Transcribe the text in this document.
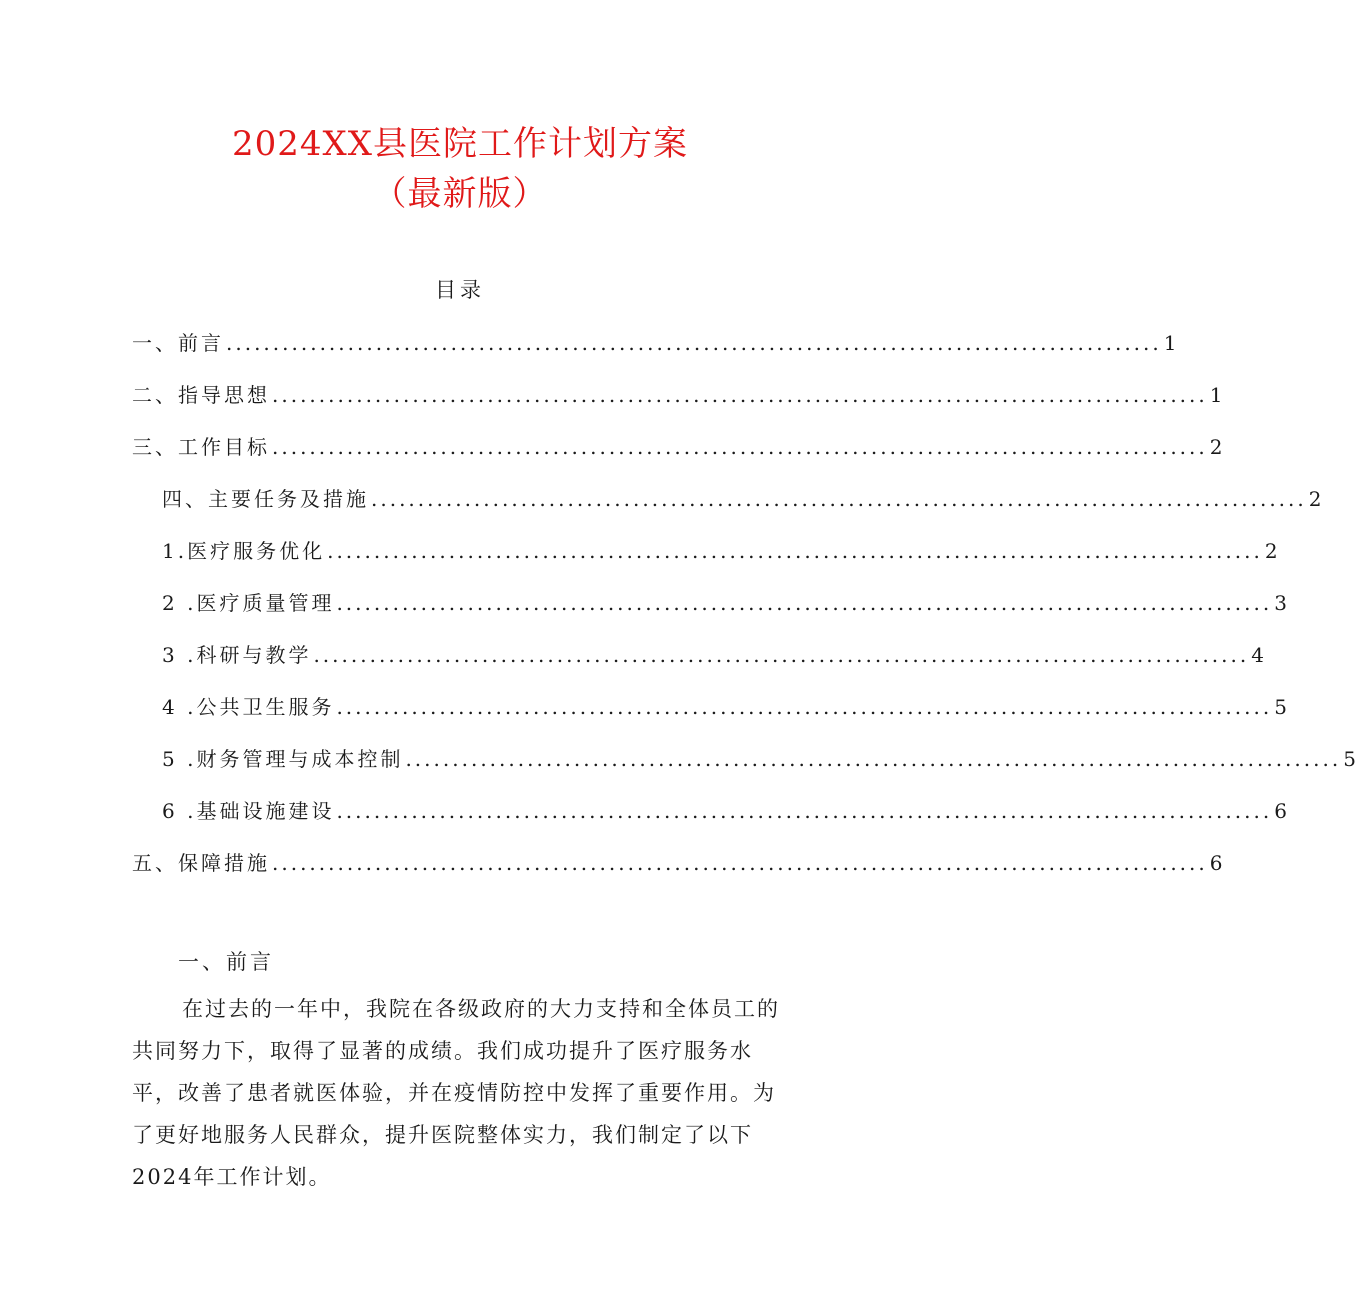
2024XX县医院工作计划方案
（最新版）
目录
一、前言 .................................................................................................... 1
二、指导思想 .................................................................................................... 1
三、工作目标 .................................................................................................... 2
四、主要任务及措施 .................................................................................................... 2
1.医疗服务优化 .................................................................................................... 2
2 .医疗质量管理 .................................................................................................... 3
3 .科研与教学 .................................................................................................... 4
4 .公共卫生服务 .................................................................................................... 5
5 .财务管理与成本控制 .................................................................................................... 5
6 .基础设施建设 .................................................................................................... 6
五、保障措施 .................................................................................................... 6
一、前言

在过去的一年中，我院在各级政府的大力支持和全体员工的共同努力下，取得了显著的成绩。我们成功提升了医疗服务水平，改善了患者就医体验，并在疫情防控中发挥了重要作用。为了更好地服务人民群众，提升医院整体实力，我们制定了以下2024年工作计划。
